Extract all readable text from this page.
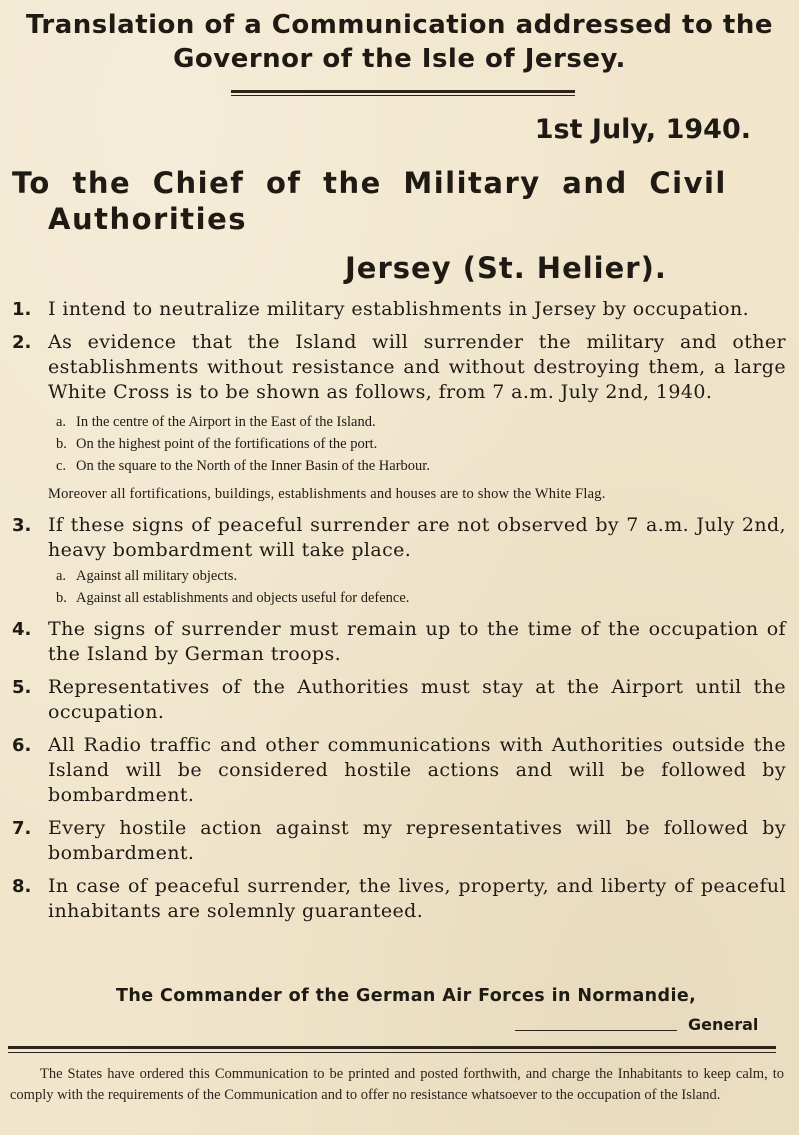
Translation of a Communication addressed to the
Governor of the Isle of Jersey.
1st July, 1940.
To the Chief of the Military and Civil
Authorities
Jersey (St. Helier).
1. I intend to neutralize military establishments in Jersey by occupation.
2. As evidence that the Island will surrender the military and other establishments without resistance and without destroying them, a large White Cross is to be shown as follows, from 7 a.m. July 2nd, 1940.
a. In the centre of the Airport in the East of the Island.
b. On the highest point of the fortifications of the port.
c. On the square to the North of the Inner Basin of the Harbour.
Moreover all fortifications, buildings, establishments and houses are to show the White Flag.
3. If these signs of peaceful surrender are not observed by 7 a.m. July 2nd, heavy bombardment will take place.
a. Against all military objects.
b. Against all establishments and objects useful for defence.
4. The signs of surrender must remain up to the time of the occupation of the Island by German troops.
5. Representatives of the Authorities must stay at the Airport until the occupation.
6. All Radio traffic and other communications with Authorities outside the Island will be considered hostile actions and will be followed by bombardment.
7. Every hostile action against my representatives will be followed by bombardment.
8. In case of peaceful surrender, the lives, property, and liberty of peaceful inhabitants are solemnly guaranteed.
The Commander of the German Air Forces in Normandie,
General
The States have ordered this Communication to be printed and posted forthwith, and charge the Inhabitants to keep calm, to comply with the requirements of the Communication and to offer no resistance whatsoever to the occupation of the Island.
